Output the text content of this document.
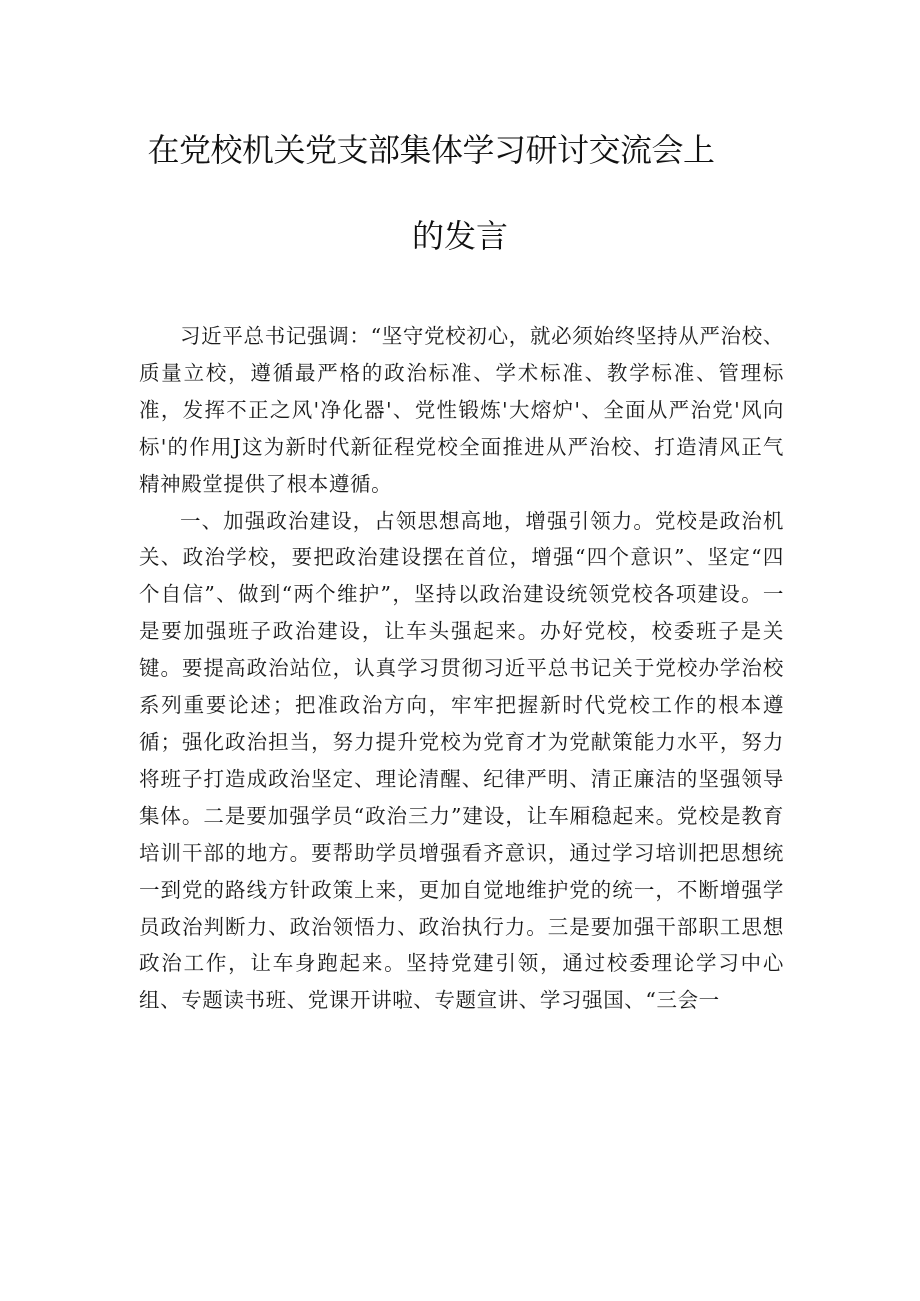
在党校机关党支部集体学习研讨交流会上
的发言

习近平总书记强调：“坚守党校初心，就必须始终坚持从严治校、质量立校，遵循最严格的政治标准、学术标准、教学标准、管理标准，发挥不正之风'净化器'、党性锻炼'大熔炉'、全面从严治党'风向标'的作用J这为新时代新征程党校全面推进从严治校、打造清风正气精神殿堂提供了根本遵循。

一、加强政治建设，占领思想高地，增强引领力。党校是政治机关、政治学校，要把政治建设摆在首位，增强“四个意识”、坚定“四个自信”、做到“两个维护”，坚持以政治建设统领党校各项建设。一是要加强班子政治建设，让车头强起来。办好党校，校委班子是关键。要提高政治站位，认真学习贯彻习近平总书记关于党校办学治校系列重要论述；把准政治方向，牢牢把握新时代党校工作的根本遵循；强化政治担当，努力提升党校为党育才为党献策能力水平，努力将班子打造成政治坚定、理论清醒、纪律严明、清正廉洁的坚强领导集体。二是要加强学员“政治三力”建设，让车厢稳起来。党校是教育培训干部的地方。要帮助学员增强看齐意识，通过学习培训把思想统一到党的路线方针政策上来，更加自觉地维护党的统一，不断增强学员政治判断力、政治领悟力、政治执行力。三是要加强干部职工思想政治工作，让车身跑起来。坚持党建引领，通过校委理论学习中心组、专题读书班、党课开讲啦、专题宣讲、学习强国、“三会一
